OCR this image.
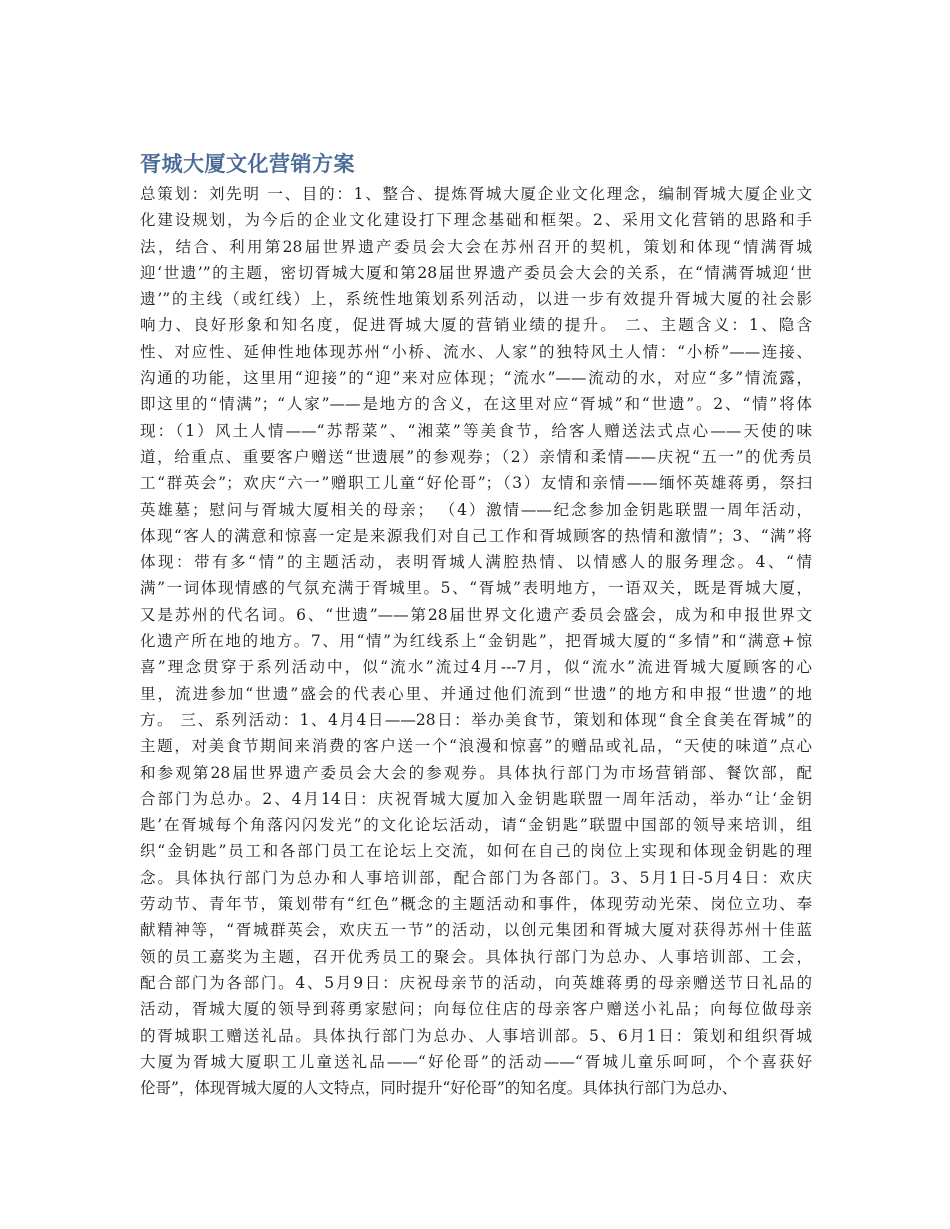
胥城大厦文化营销方案
总策划：刘先明 一、目的：1、整合、提炼胥城大厦企业文化理念，编制胥城大厦企业文
化建设规划，为今后的企业文化建设打下理念基础和框架。2、采用文化营销的思路和手
法，结合、利用第28届世界遗产委员会大会在苏州召开的契机，策划和体现“情满胥城
迎‘世遗’”的主题，密切胥城大厦和第28届世界遗产委员会大会的关系，在“情满胥城迎‘世
遗’”的主线（或红线）上，系统性地策划系列活动，以进一步有效提升胥城大厦的社会影
响力、良好形象和知名度，促进胥城大厦的营销业绩的提升。 二、主题含义：1、隐含
性、对应性、延伸性地体现苏州“小桥、流水、人家”的独特风土人情：“小桥”——连接、
沟通的功能，这里用“迎接”的“迎”来对应体现；“流水”——流动的水，对应“多”情流露，
即这里的“情满”；“人家”——是地方的含义，在这里对应“胥城”和“世遗”。2、“情”将体
现：（1）风土人情——“苏帮菜”、“湘菜”等美食节，给客人赠送法式点心——天使的味
道，给重点、重要客户赠送“世遗展”的参观券；（2）亲情和柔情——庆祝“五一”的优秀员
工“群英会”；欢庆“六一”赠职工儿童“好伦哥”；（3）友情和亲情——缅怀英雄蒋勇，祭扫
英雄墓；慰问与胥城大厦相关的母亲； （4）激情——纪念参加金钥匙联盟一周年活动，
体现“客人的满意和惊喜一定是来源我们对自己工作和胥城顾客的热情和激情”；3、“满”将
体现：带有多“情”的主题活动，表明胥城人满腔热情、以情感人的服务理念。4、“情
满”一词体现情感的气氛充满于胥城里。5、“胥城”表明地方，一语双关，既是胥城大厦，
又是苏州的代名词。6、“世遗”——第28届世界文化遗产委员会盛会，成为和申报世界文
化遗产所在地的地方。7、用“情”为红线系上“金钥匙”，把胥城大厦的“多情”和“满意+惊
喜”理念贯穿于系列活动中，似“流水”流过4月---7月，似“流水”流进胥城大厦顾客的心
里，流进参加“世遗”盛会的代表心里、并通过他们流到“世遗”的地方和申报“世遗”的地
方。 三、系列活动：1、4月4日——28日：举办美食节，策划和体现“食全食美在胥城”的
主题，对美食节期间来消费的客户送一个“浪漫和惊喜”的赠品或礼品，“天使的味道”点心
和参观第28届世界遗产委员会大会的参观券。具体执行部门为市场营销部、餐饮部，配
合部门为总办。2、4月14日：庆祝胥城大厦加入金钥匙联盟一周年活动，举办“让‘金钥
匙’在胥城每个角落闪闪发光”的文化论坛活动，请“金钥匙”联盟中国部的领导来培训，组
织“金钥匙”员工和各部门员工在论坛上交流，如何在自己的岗位上实现和体现金钥匙的理
念。具体执行部门为总办和人事培训部，配合部门为各部门。3、5月1日-5月4日：欢庆
劳动节、青年节，策划带有“红色”概念的主题活动和事件，体现劳动光荣、岗位立功、奉
献精神等，“胥城群英会，欢庆五一节”的活动，以创元集团和胥城大厦对获得苏州十佳蓝
领的员工嘉奖为主题，召开优秀员工的聚会。具体执行部门为总办、人事培训部、工会，
配合部门为各部门。4、5月9日：庆祝母亲节的活动，向英雄蒋勇的母亲赠送节日礼品的
活动，胥城大厦的领导到蒋勇家慰问；向每位住店的母亲客户赠送小礼品；向每位做母亲
的胥城职工赠送礼品。具体执行部门为总办、人事培训部。5、6月1日：策划和组织胥城
大厦为胥城大厦职工儿童送礼品——“好伦哥”的活动——“胥城儿童乐呵呵，个个喜获好
伦哥”，体现胥城大厦的人文特点，同时提升“好伦哥”的知名度。具体执行部门为总办、
